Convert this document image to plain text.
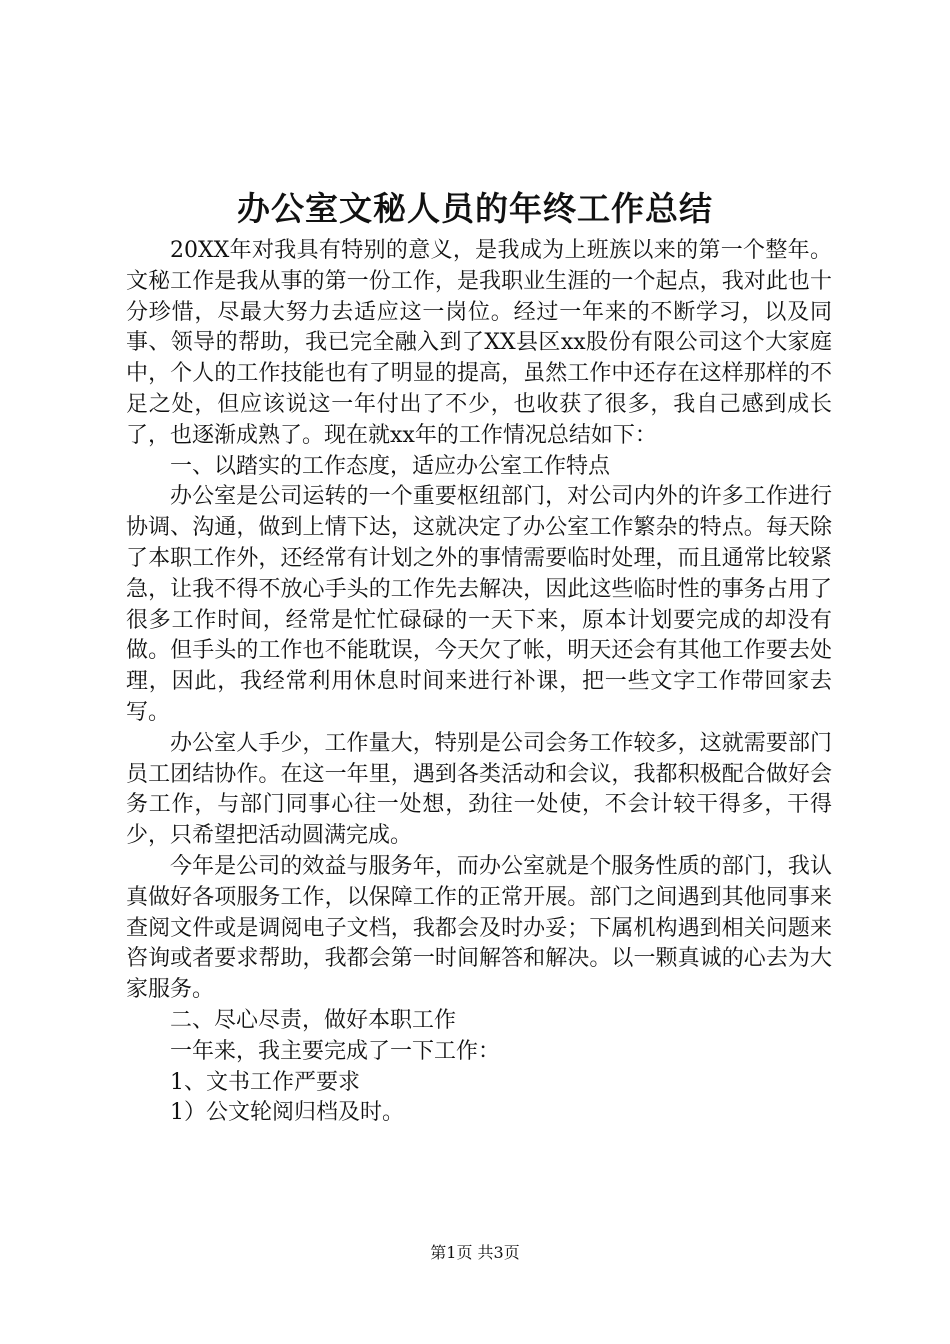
办公室文秘人员的年终工作总结

20XX年对我具有特别的意义，是我成为上班族以来的第一个整年。文秘工作是我从事的第一份工作，是我职业生涯的一个起点，我对此也十分珍惜，尽最大努力去适应这一岗位。经过一年来的不断学习，以及同事、领导的帮助，我已完全融入到了XX县区xx股份有限公司这个大家庭中，个人的工作技能也有了明显的提高，虽然工作中还存在这样那样的不足之处，但应该说这一年付出了不少，也收获了很多，我自己感到成长了，也逐渐成熟了。现在就xx年的工作情况总结如下：

一、以踏实的工作态度，适应办公室工作特点

办公室是公司运转的一个重要枢纽部门，对公司内外的许多工作进行协调、沟通，做到上情下达，这就决定了办公室工作繁杂的特点。每天除了本职工作外，还经常有计划之外的事情需要临时处理，而且通常比较紧急，让我不得不放心手头的工作先去解决，因此这些临时性的事务占用了很多工作时间，经常是忙忙碌碌的一天下来，原本计划要完成的却没有做。但手头的工作也不能耽误，今天欠了帐，明天还会有其他工作要去处理，因此，我经常利用休息时间来进行补课，把一些文字工作带回家去写。

办公室人手少，工作量大，特别是公司会务工作较多，这就需要部门员工团结协作。在这一年里，遇到各类活动和会议，我都积极配合做好会务工作，与部门同事心往一处想，劲往一处使，不会计较干得多，干得少，只希望把活动圆满完成。

今年是公司的效益与服务年，而办公室就是个服务性质的部门，我认真做好各项服务工作，以保障工作的正常开展。部门之间遇到其他同事来查阅文件或是调阅电子文档，我都会及时办妥；下属机构遇到相关问题来咨询或者要求帮助，我都会第一时间解答和解决。以一颗真诚的心去为大家服务。

二、尽心尽责，做好本职工作

一年来，我主要完成了一下工作：

1、文书工作严要求

1）公文轮阅归档及时。

第1页 共3页
